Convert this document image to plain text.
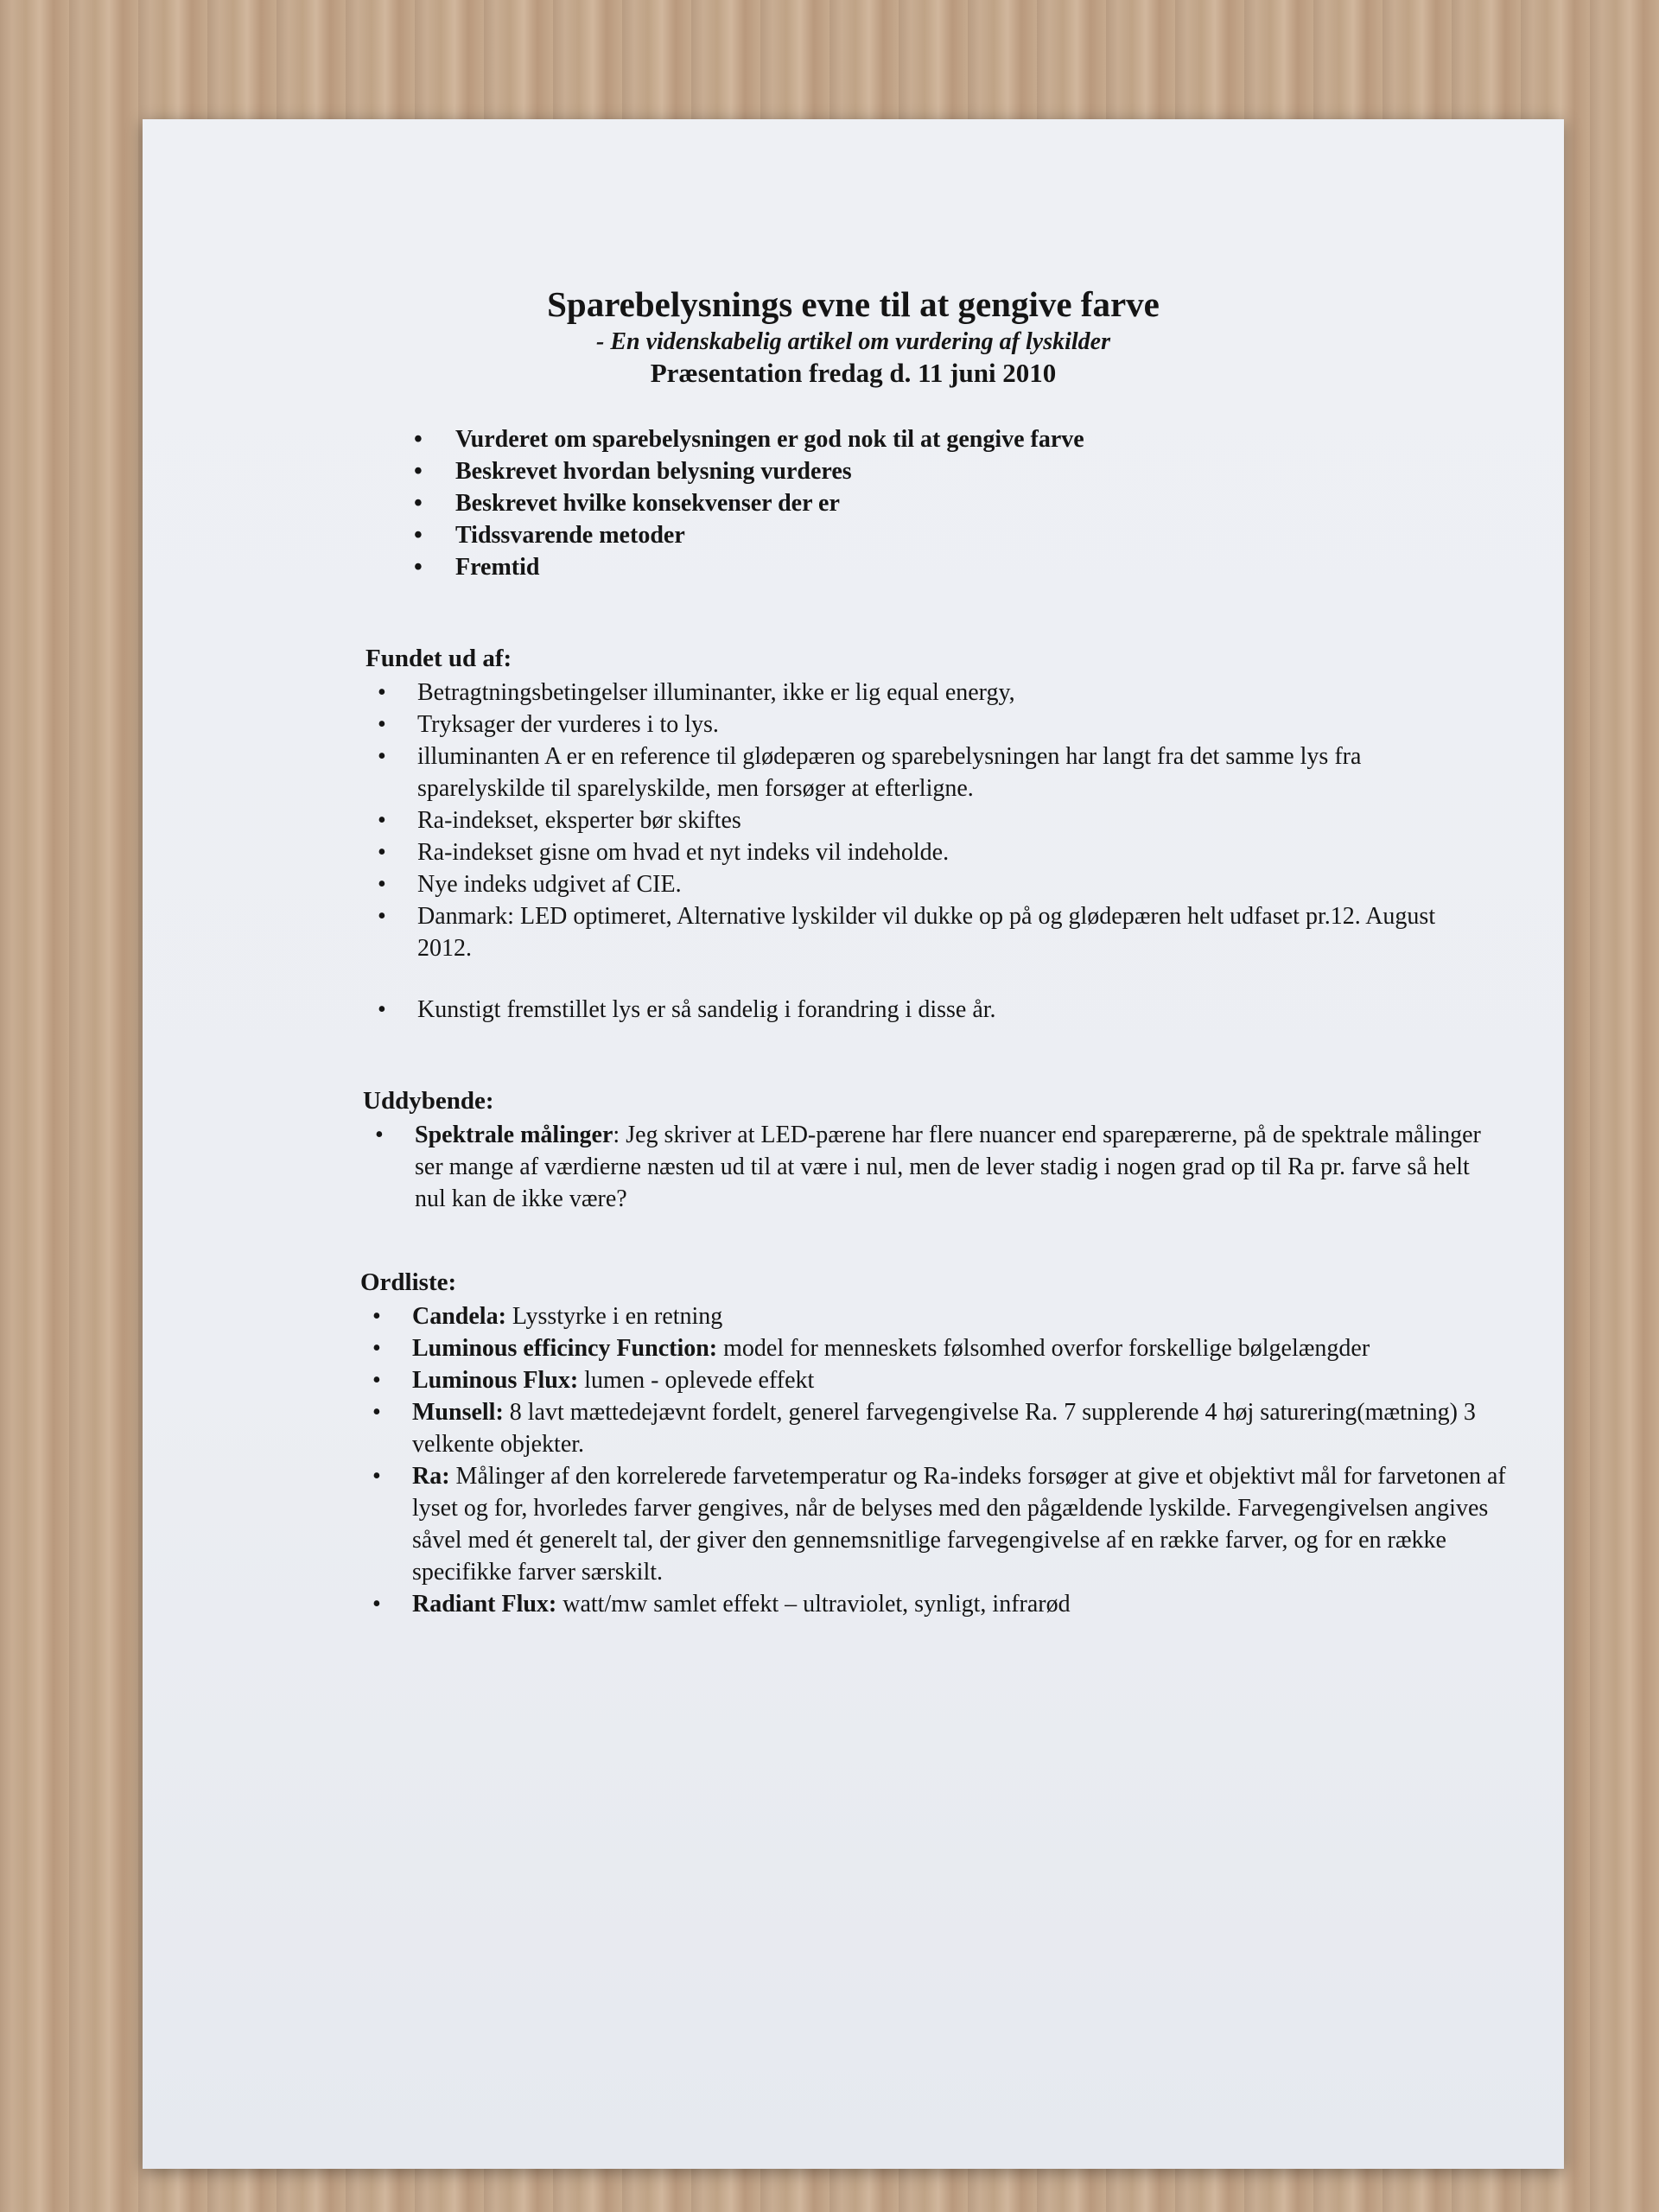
Sparebelysnings evne til at gengive farve
- En videnskabelig artikel om vurdering af lyskilder
Præsentation fredag d. 11 juni 2010
• Vurderet om sparebelysningen er god nok til at gengive farve
• Beskrevet hvordan belysning vurderes
• Beskrevet hvilke konsekvenser der er
• Tidssvarende metoder
• Fremtid
Fundet ud af:
• Betragtningsbetingelser illuminanter, ikke er lig equal energy,
• Tryksager der vurderes i to lys.
• illuminanten A er en reference til glødepæren og sparebelysningen har langt fra det samme lys fra sparelyskilde til sparelyskilde, men forsøger at efterligne.
• Ra-indekset, eksperter bør skiftes
• Ra-indekset gisne om hvad et nyt indeks vil indeholde.
• Nye indeks udgivet af CIE.
• Danmark: LED optimeret, Alternative lyskilder vil dukke op på og glødepæren helt udfaset pr.12. August 2012.
• Kunstigt fremstillet lys er så sandelig i forandring i disse år.
Uddybende:
• Spektrale målinger: Jeg skriver at LED-pærene har flere nuancer end sparepærerne, på de spektrale målinger ser mange af værdierne næsten ud til at være i nul, men de lever stadig i nogen grad op til Ra pr. farve så helt nul kan de ikke være?
Ordliste:
• Candela: Lysstyrke i en retning
• Luminous efficincy Function: model for menneskets følsomhed overfor forskellige bølgelængder
• Luminous Flux: lumen - oplevede effekt
• Munsell: 8 lavt mættedejævnt fordelt, generel farvegengivelse Ra. 7 supplerende 4 høj saturering(mætning) 3 velkente objekter.
• Ra: Målinger af den korrelerede farvetemperatur og Ra-indeks forsøger at give et objektivt mål for farvetonen af lyset og for, hvorledes farver gengives, når de belyses med den pågældende lyskilde. Farvegengivelsen angives såvel med ét generelt tal, der giver den gennemsnitlige farvegengivelse af en række farver, og for en række specifikke farver særskilt.
• Radiant Flux: watt/mw samlet effekt – ultraviolet, synligt, infrarød
